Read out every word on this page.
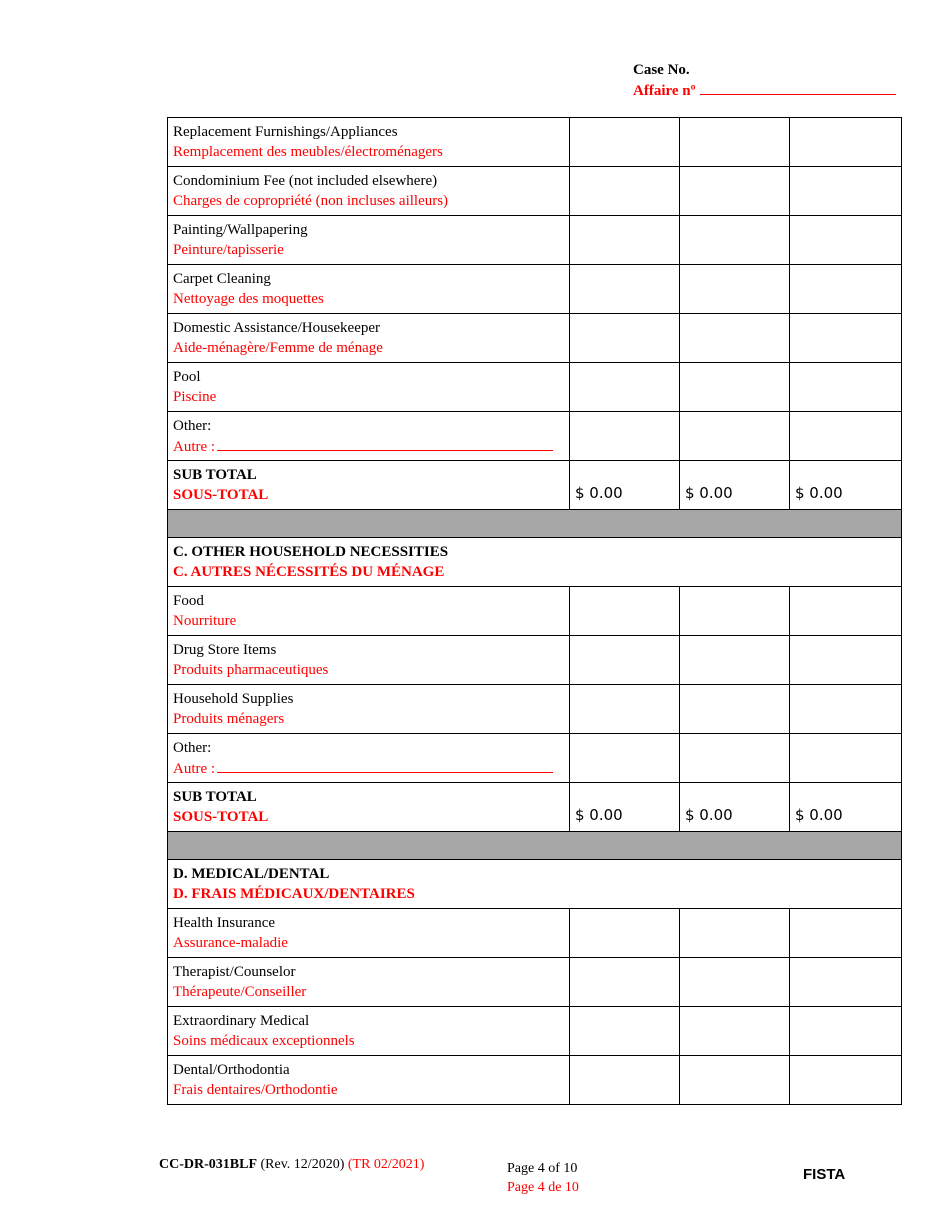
Case No.
Affaire nº
Replacement Furnishings/Appliances
Remplacement des meubles/électroménagers			

Condominium Fee (not included elsewhere)
Charges de copropriété (non incluses ailleurs)			

Painting/Wallpapering
Peinture/tapisserie			

Carpet Cleaning
Nettoyage des moquettes			

Domestic Assistance/Housekeeper
Aide-ménagère/Femme de ménage			

Pool
Piscine			

Other:
Autre :			

SUB TOTAL
SOUS-TOTAL	$ 0.00	$ 0.00	$ 0.00

C. OTHER HOUSEHOLD NECESSITIES
C. AUTRES NÉCESSITÉS DU MÉNAGE			

Food
Nourriture			

Drug Store Items
Produits pharmaceutiques			

Household Supplies
Produits ménagers			

Other:
Autre :			

SUB TOTAL
SOUS-TOTAL	$ 0.00	$ 0.00	$ 0.00

D. MEDICAL/DENTAL
D. FRAIS MÉDICAUX/DENTAIRES			

Health Insurance
Assurance-maladie			

Therapist/Counselor
Thérapeute/Conseiller			

Extraordinary Medical
Soins médicaux exceptionnels			

Dental/Orthodontia
Frais dentaires/Orthodontie			

CC-DR-031BLF (Rev. 12/2020) (TR 02/2021)	Page 4 of 10
Page 4 de 10
FISTA
